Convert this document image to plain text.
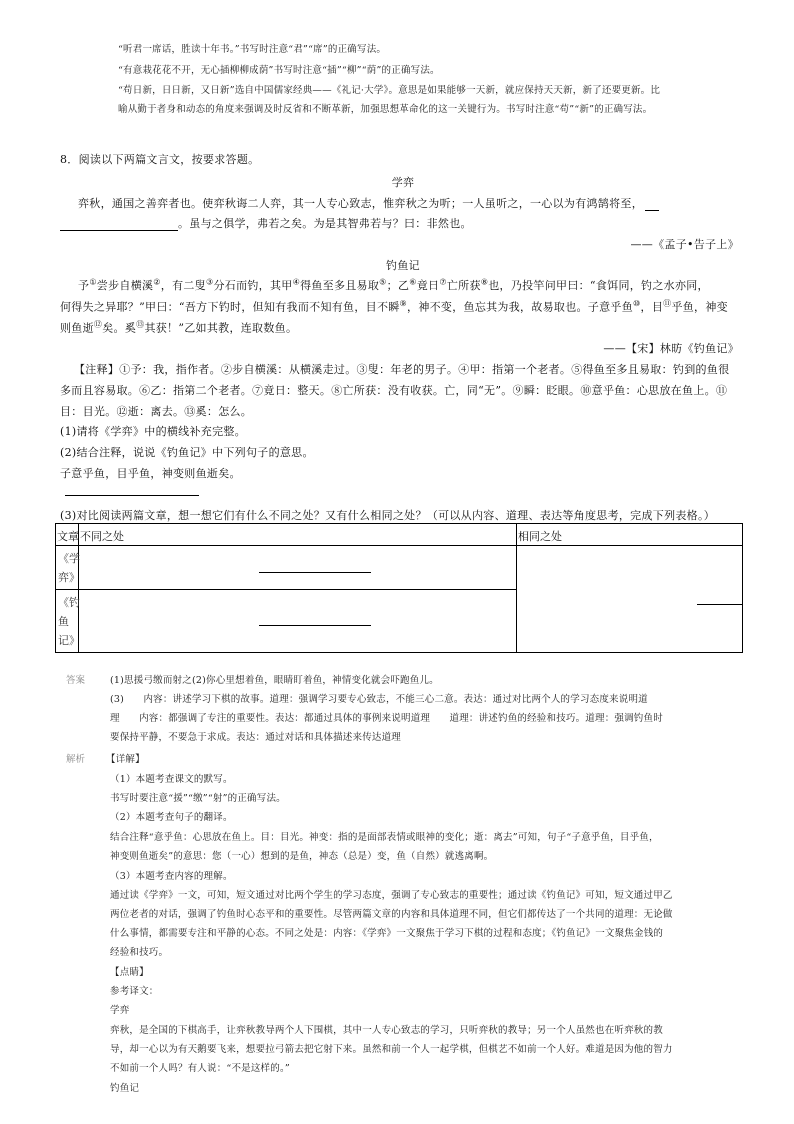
“听君一席话，胜读十年书。”书写时注意“君”“席”的正确写法。
“有意栽花花不开，无心插柳柳成荫”书写时注意“插”“柳”“荫”的正确写法。
“苟日新，日日新，又日新”选自中国儒家经典——《礼记·大学》。意思是如果能够一天新，就应保持天天新，新了还要更新。比
喻从勤于者身和动态的角度来强调及时反省和不断革新，加强思想革命化的这一关键行为。书写时注意“苟”“新”的正确写法。
8．阅读以下两篇文言文，按要求答题。
学弈
弈秋，通国之善弈者也。使弈秋诲二人弈，其一人专心致志，惟弈秋之为听；一人虽听之，一心以为有鸿鹄将至，
。虽与之俱学，弗若之矣。为是其智弗若与？曰：非然也。
——《孟子•告子上》
钓鱼记
予①尝步自横溪②，有二叟③分石而钓，其甲④得鱼至多且易取⑤；乙⑥竟日⑦亡所获⑧也，乃投竿问甲曰：“食饵同，钓之水亦同，
何得失之异耶？”甲曰：“吾方下钓时，但知有我而不知有鱼，目不瞬⑨，神不变，鱼忘其为我，故易取也。子意乎鱼⑩，目⑪乎鱼，神变
则鱼逝⑫矣。奚⑬其获！”乙如其教，连取数鱼。
——【宋】林昉《钓鱼记》
【注释】①予：我，指作者。②步自横溪：从横溪走过。③叟：年老的男子。④甲：指第一个老者。⑤得鱼至多且易取：钓到的鱼很
多而且容易取。⑥乙：指第二个老者。⑦竟日：整天。⑧亡所获：没有收获。亡，同“无”。⑨瞬：眨眼。⑩意乎鱼：心思放在鱼上。⑪
目：目光。⑫逝：离去。⑬奚：怎么。
(1)请将《学弈》中的横线补充完整。
(2)结合注释，说说《钓鱼记》中下列句子的意思。
子意乎鱼，目乎鱼，神变则鱼逝矣。
(3)对比阅读两篇文章，想一想它们有什么不同之处？又有什么相同之处？（可以从内容、道理、表达等角度思考，完成下列表格。）
文章 不同之处	相同之处
《学
弈》
《钓
鱼
记》
答案	(1)思援弓缴而射之(2)你心里想着鱼，眼睛盯着鱼，神情变化就会吓跑鱼儿。
(3)　　内容：讲述学习下棋的故事。道理：强调学习要专心致志，不能三心二意。表达：通过对比两个人的学习态度来说明道
理　　内容：都强调了专注的重要性。表达：都通过具体的事例来说明道理　　道理：讲述钓鱼的经验和技巧。道理：强调钓鱼时
要保持平静，不要急于求成。表达：通过对话和具体描述来传达道理
解析 【详解】
（1）本题考查课文的默写。
书写时要注意“援”“缴”“射”的正确写法。
（2）本题考查句子的翻译。
结合注释“意乎鱼：心思放在鱼上。目：目光。神变：指的是面部表情或眼神的变化；逝：离去”可知，句子“子意乎鱼，目乎鱼，
神变则鱼逝矣”的意思：您（一心）想到的是鱼，神态（总是）变，鱼（自然）就逃离啊。
（3）本题考查内容的理解。
通过读《学弈》一文，可知，短文通过对比两个学生的学习态度，强调了专心致志的重要性；通过读《钓鱼记》可知，短文通过甲乙
两位老者的对话，强调了钓鱼时心态平和的重要性。尽管两篇文章的内容和具体道理不同，但它们都传达了一个共同的道理：无论做
什么事情，都需要专注和平静的心态。不同之处是：内容：《学弈》一文聚焦于学习下棋的过程和态度；《钓鱼记》一文聚焦金钱的
经验和技巧。
【点睛】
参考译文：
学弈
弈秋，是全国的下棋高手，让弈秋教导两个人下围棋，其中一人专心致志的学习，只听弈秋的教导；另一个人虽然也在听弈秋的教
导，却一心以为有天鹅要飞来，想要拉弓箭去把它射下来。虽然和前一个人一起学棋，但棋艺不如前一个人好。难道是因为他的智力
不如前一个人吗？有人说：“不是这样的。”
钓鱼记
